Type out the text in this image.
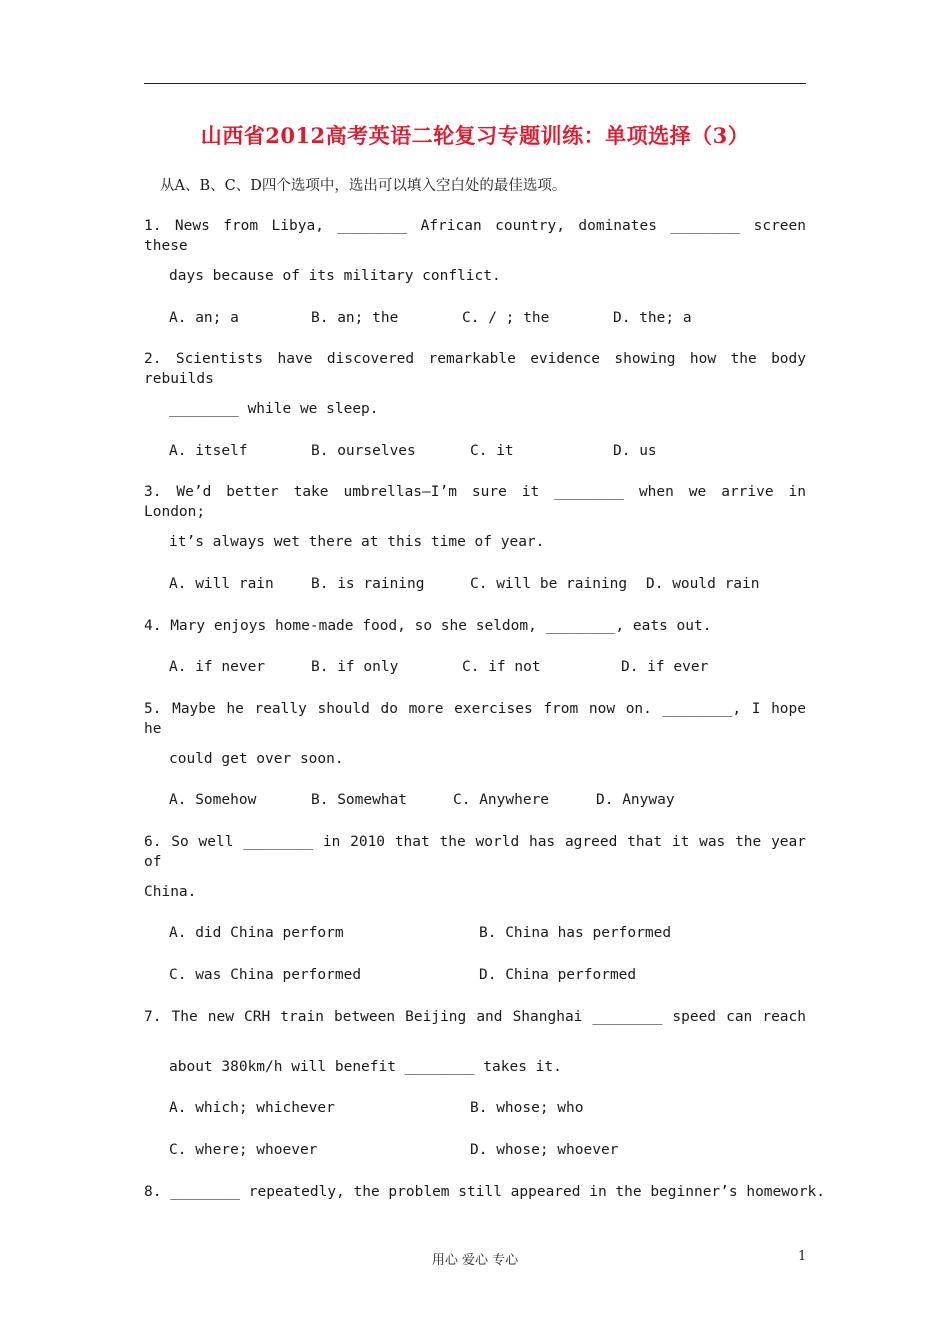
山西省2012高考英语二轮复习专题训练：单项选择（3）
从A、B、C、D四个选项中，选出可以填入空白处的最佳选项。
1. News from Libya, ________ African country, dominates ________ screen these
days because of its military conflict.
A. an; a	B. an; the	C. / ; the	D. the; a
2. Scientists have discovered remarkable evidence showing how the body rebuilds
________ while we sleep.
A. itself	B. ourselves	C. it	D. us
3. We’d better take umbrellas—I’m sure it ________ when we arrive in London;
it’s always wet there at this time of year.
A. will rain	B. is raining	C. will be raining D. would rain
4. Mary enjoys home-made food, so she seldom, ________, eats out.
A. if never	B. if only	C. if not	D. if ever
5. Maybe he really should do more exercises from now on. ________, I hope he
could get over soon.
A. Somehow	B. Somewhat	C. Anywhere	D. Anyway
6. So well ________ in 2010 that the world has agreed that it was the year of
China.
A. did China perform	B. China has performed
C. was China performed	D. China performed
7. The new CRH train between Beijing and Shanghai ________ speed can reach
about 380km/h will benefit ________ takes it.
A. which; whichever	B. whose; who
C. where; whoever	D. whose; whoever
8. ________ repeatedly, the problem still appeared in the beginner’s homework.
用心 爱心 专心	1
